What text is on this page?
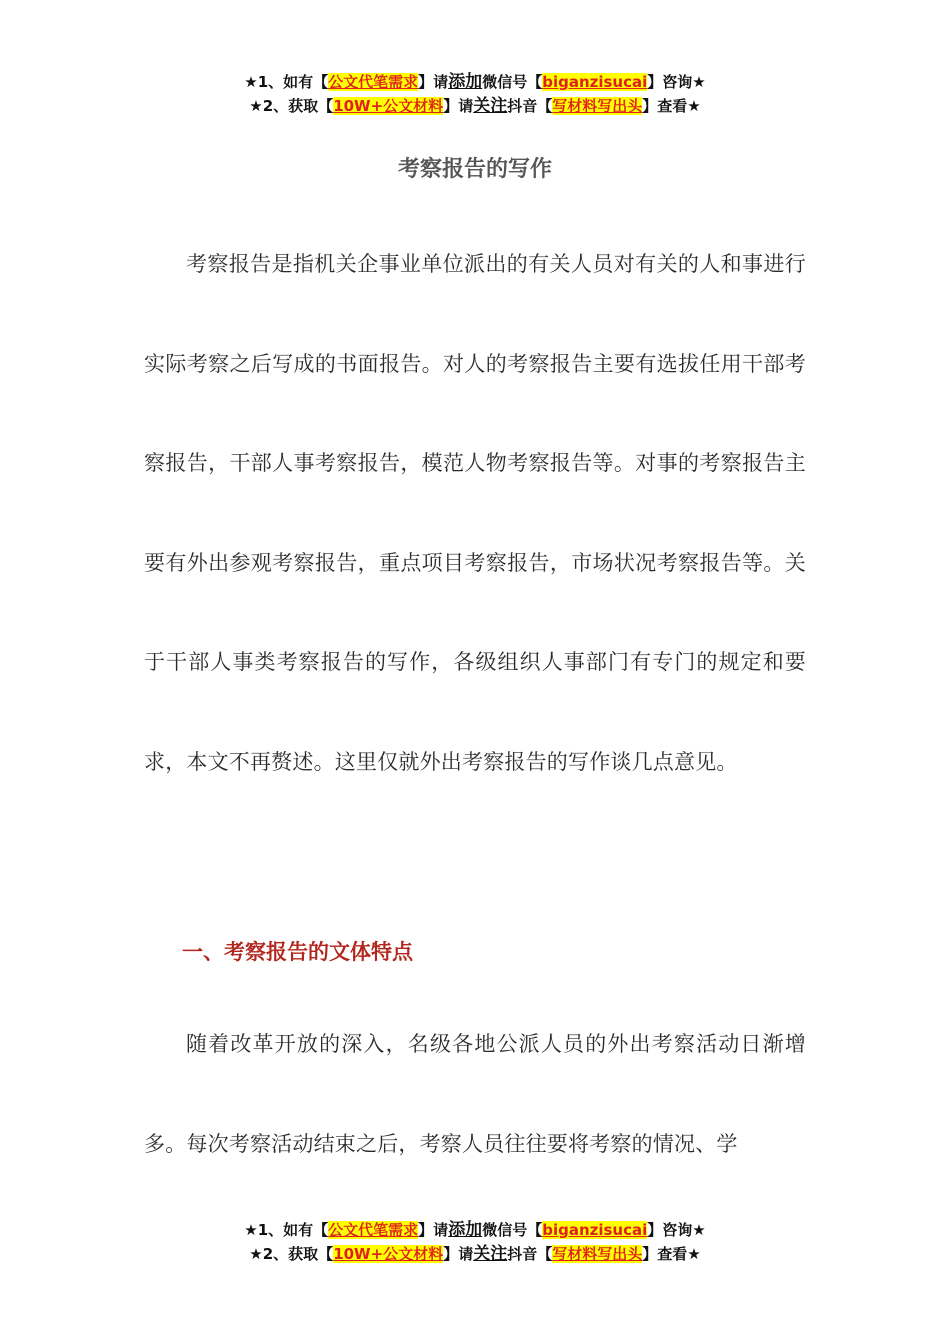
★1、如有【公文代笔需求】请添加微信号【biganzisucai】咨询★
★2、获取【10W+公文材料】请关注抖音【写材料写出头】查看★
考察报告的写作

考察报告是指机关企事业单位派出的有关人员对有关的人和事进行实际考察之后写成的书面报告。对人的考察报告主要有选拔任用干部考察报告，干部人事考察报告，模范人物考察报告等。对事的考察报告主要有外出参观考察报告，重点项目考察报告，市场状况考察报告等。关于干部人事类考察报告的写作，各级组织人事部门有专门的规定和要求，本文不再赘述。这里仅就外出考察报告的写作谈几点意见。

一、考察报告的文体特点

随着改革开放的深入，名级各地公派人员的外出考察活动日渐增多。每次考察活动结束之后，考察人员往往要将考察的情况、学

★1、如有【公文代笔需求】请添加微信号【biganzisucai】咨询★
★2、获取【10W+公文材料】请关注抖音【写材料写出头】查看★
